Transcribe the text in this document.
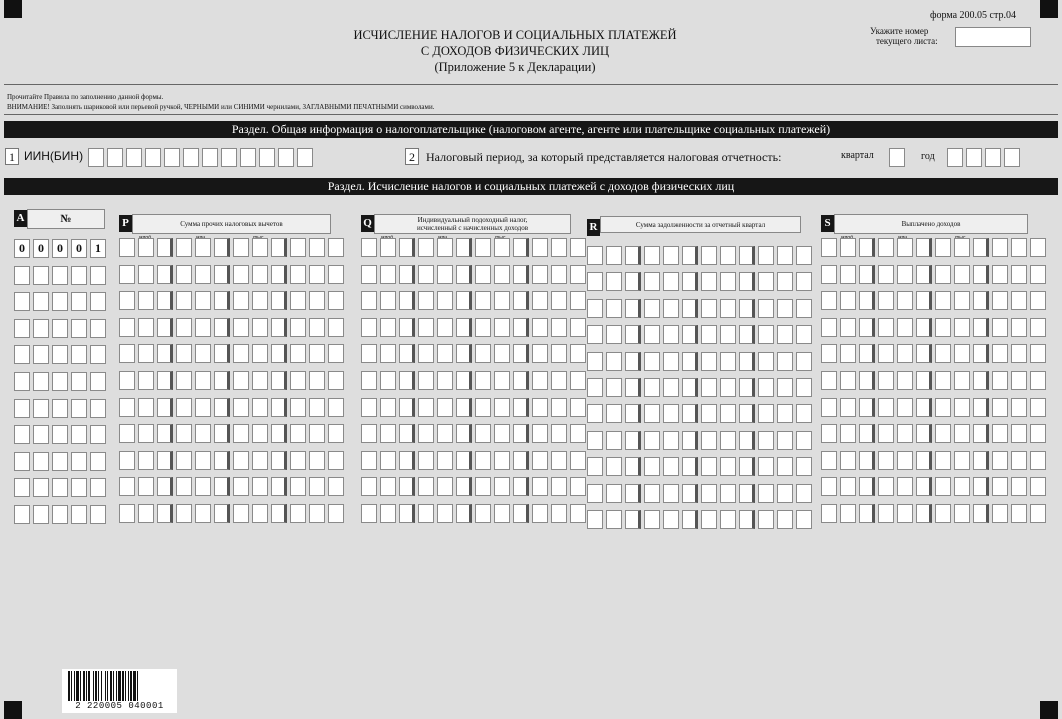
форма 200.05 стр.04
ИСЧИСЛЕНИЕ НАЛОГОВ И СОЦИАЛЬНЫХ ПЛАТЕЖЕЙ
С ДОХОДОВ ФИЗИЧЕСКИХ ЛИЦ
(Приложение 5 к Декларации)
Укажите номер
текущего листа:
Прочитайте Правила по заполнению данной формы.
ВНИМАНИЕ! Заполнять шариковой или перьевой ручкой, ЧЕРНЫМИ или СИНИМИ чернилами, ЗАГЛАВНЫМИ ПЕЧАТНЫМИ символами.
Раздел. Общая информация о налогоплательщике (налоговом агенте, агенте или плательщике социальных платежей)
1 ИИН(БИН)	2 Налоговый период, за который представляется налоговая отчетность:	квартал	год
Раздел. Исчисление налогов и социальных платежей с доходов физических лиц
A	№	P	Сумма прочих налоговых вычетов	Q	Индивидуальный подоходный налог,
исчисленный с начисленных доходов	R	Сумма задолженности за отчетный квартал	S	Выплачено доходов
0	0	0	0	1
2 220005 040001
